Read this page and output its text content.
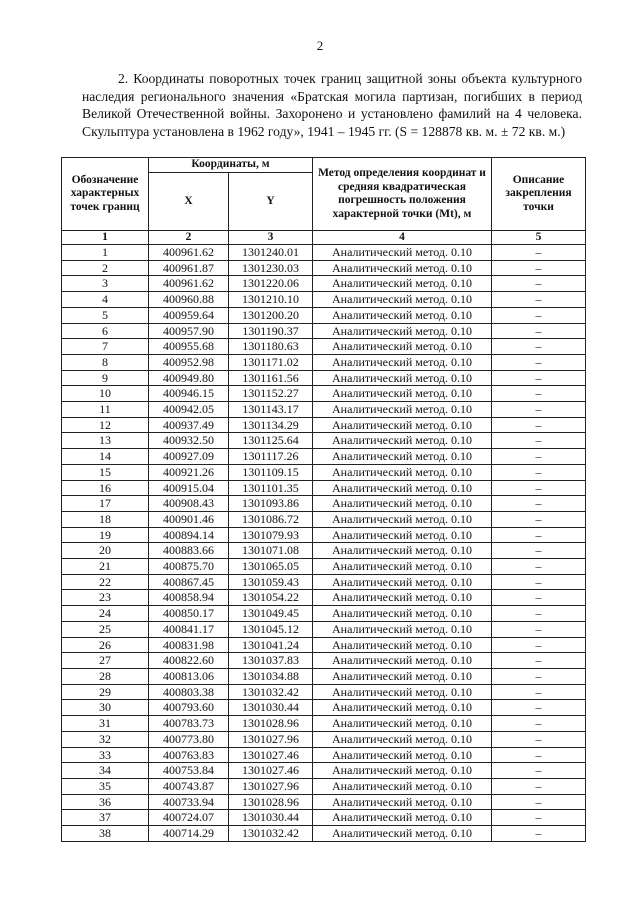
2

2. Координаты поворотных точек границ защитной зоны объекта культурного наследия регионального значения «Братская могила партизан, погибших в период Великой Отечественной войны. Захоронено и установлено фамилий на 4 человека. Скульптура установлена в 1962 году», 1941 – 1945 гг. (S = 128878 кв. м. ± 72 кв. м.)

Обозначение характерных точек границ	Координаты, м		Метод определения координат и средняя квадратическая погрешность положения характерной точки (Mt), м	Описание закрепления точки
	X	Y		
1	2	3	4	5
1	400961.62	1301240.01	Аналитический метод. 0.10	–
2	400961.87	1301230.03	Аналитический метод. 0.10	–
3	400961.62	1301220.06	Аналитический метод. 0.10	–
4	400960.88	1301210.10	Аналитический метод. 0.10	–
5	400959.64	1301200.20	Аналитический метод. 0.10	–
6	400957.90	1301190.37	Аналитический метод. 0.10	–
7	400955.68	1301180.63	Аналитический метод. 0.10	–
8	400952.98	1301171.02	Аналитический метод. 0.10	–
9	400949.80	1301161.56	Аналитический метод. 0.10	–
10	400946.15	1301152.27	Аналитический метод. 0.10	–
11	400942.05	1301143.17	Аналитический метод. 0.10	–
12	400937.49	1301134.29	Аналитический метод. 0.10	–
13	400932.50	1301125.64	Аналитический метод. 0.10	–
14	400927.09	1301117.26	Аналитический метод. 0.10	–
15	400921.26	1301109.15	Аналитический метод. 0.10	–
16	400915.04	1301101.35	Аналитический метод. 0.10	–
17	400908.43	1301093.86	Аналитический метод. 0.10	–
18	400901.46	1301086.72	Аналитический метод. 0.10	–
19	400894.14	1301079.93	Аналитический метод. 0.10	–
20	400883.66	1301071.08	Аналитический метод. 0.10	–
21	400875.70	1301065.05	Аналитический метод. 0.10	–
22	400867.45	1301059.43	Аналитический метод. 0.10	–
23	400858.94	1301054.22	Аналитический метод. 0.10	–
24	400850.17	1301049.45	Аналитический метод. 0.10	–
25	400841.17	1301045.12	Аналитический метод. 0.10	–
26	400831.98	1301041.24	Аналитический метод. 0.10	–
27	400822.60	1301037.83	Аналитический метод. 0.10	–
28	400813.06	1301034.88	Аналитический метод. 0.10	–
29	400803.38	1301032.42	Аналитический метод. 0.10	–
30	400793.60	1301030.44	Аналитический метод. 0.10	–
31	400783.73	1301028.96	Аналитический метод. 0.10	–
32	400773.80	1301027.96	Аналитический метод. 0.10	–
33	400763.83	1301027.46	Аналитический метод. 0.10	–
34	400753.84	1301027.46	Аналитический метод. 0.10	–
35	400743.87	1301027.96	Аналитический метод. 0.10	–
36	400733.94	1301028.96	Аналитический метод. 0.10	–
37	400724.07	1301030.44	Аналитический метод. 0.10	–
38	400714.29	1301032.42	Аналитический метод. 0.10	–
